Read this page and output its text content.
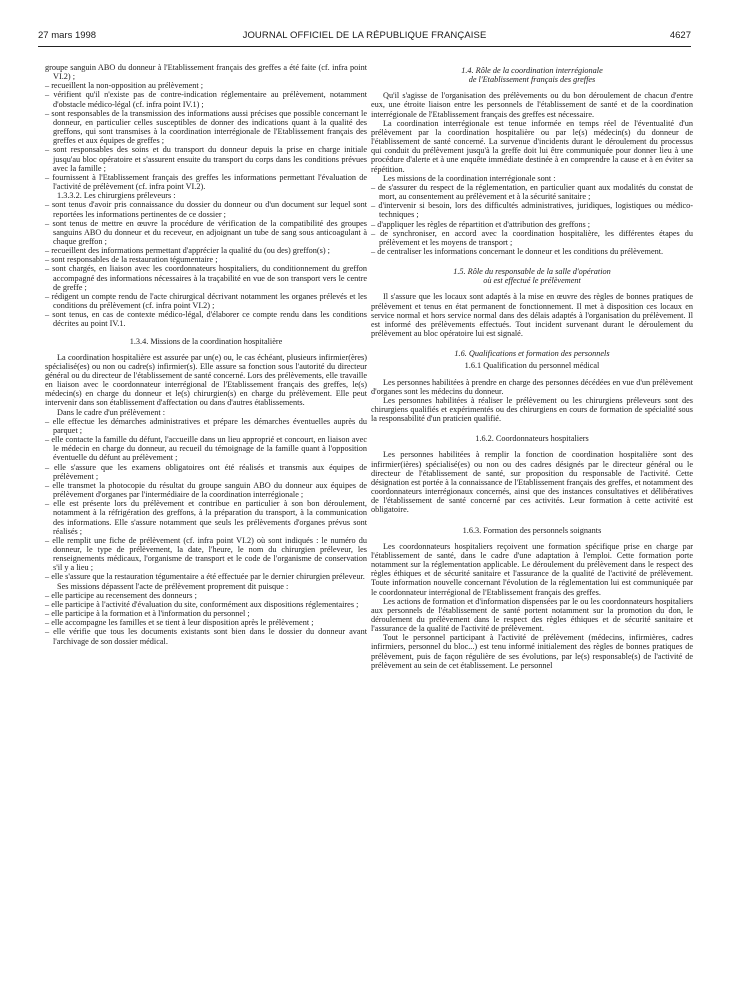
27 mars 1998	JOURNAL OFFICIEL DE LA RÉPUBLIQUE FRANÇAISE	4627

groupe sanguin ABO du donneur à l'Etablissement français des greffes a été faite (cf. infra point VI.2) ;

– recueillent la non-opposition au prélèvement ;

– vérifient qu'il n'existe pas de contre-indication réglementaire au prélèvement, notamment d'obstacle médico-légal (cf. infra point IV.1) ;

– sont responsables de la transmission des informations aussi précises que possible concernant le donneur, en particulier celles susceptibles de donner des indications quant à la qualité des greffons, qui sont transmises à la coordination interrégionale de l'Etablissement français des greffes et aux équipes de greffes ;

– sont responsables des soins et du transport du donneur depuis la prise en charge initiale jusqu'au bloc opératoire et s'assurent ensuite du transport du corps dans les conditions prévues avec la famille ;

– fournissent à l'Etablissement français des greffes les informations permettant l'évaluation de l'activité de prélèvement (cf. infra point VI.2).

1.3.3.2. Les chirurgiens préleveurs :

– sont tenus d'avoir pris connaissance du dossier du donneur ou d'un document sur lequel sont reportées les informations pertinentes de ce dossier ;

– sont tenus de mettre en œuvre la procédure de vérification de la compatibilité des groupes sanguins ABO du donneur et du receveur, en adjoignant un tube de sang sous anticoagulant à chaque greffon ;

– recueillent des informations permettant d'apprécier la qualité du (ou des) greffon(s) ;

– sont responsables de la restauration tégumentaire ;

– sont chargés, en liaison avec les coordonnateurs hospitaliers, du conditionnement du greffon accompagné des informations nécessaires à la traçabilité en vue de son transport vers le centre de greffe ;

– rédigent un compte rendu de l'acte chirurgical décrivant notamment les organes prélevés et les conditions du prélèvement (cf. infra point VI.2) ;

– sont tenus, en cas de contexte médico-légal, d'élaborer ce compte rendu dans les conditions décrites au point IV.1.

1.3.4. Missions de la coordination hospitalière

La coordination hospitalière est assurée par un(e) ou, le cas échéant, plusieurs infirmier(ères) spécialisé(es) ou non ou cadre(s) infirmier(s). Elle assure sa fonction sous l'autorité du directeur général ou du directeur de l'établissement de santé concerné. Lors des prélèvements, elle travaille en liaison avec le coordonnateur interrégional de l'Etablissement français des greffes, le(s) médecin(s) en charge du donneur et le(s) chirurgien(s) en charge du prélèvement. Elle peut intervenir dans son établissement d'affectation ou dans d'autres établissements.

Dans le cadre d'un prélèvement :

– elle effectue les démarches administratives et prépare les démarches éventuelles auprès du parquet ;

– elle contacte la famille du défunt, l'accueille dans un lieu approprié et concourt, en liaison avec le médecin en charge du donneur, au recueil du témoignage de la famille quant à l'opposition éventuelle du défunt au prélèvement ;

– elle s'assure que les examens obligatoires ont été réalisés et transmis aux équipes de prélèvement ;

– elle transmet la photocopie du résultat du groupe sanguin ABO du donneur aux équipes de prélèvement d'organes par l'intermédiaire de la coordination interrégionale ;

– elle est présente lors du prélèvement et contribue en particulier à son bon déroulement, notamment à la réfrigération des greffons, à la préparation du transport, à la communication des informations. Elle s'assure notamment que seuls les prélèvements d'organes prévus sont réalisés ;

– elle remplit une fiche de prélèvement (cf. infra point VI.2) où sont indiqués : le numéro du donneur, le type de prélèvement, la date, l'heure, le nom du chirurgien préleveur, les renseignements médicaux, l'organisme de transport et le code de l'organisme de conservation s'il y a lieu ;

– elle s'assure que la restauration tégumentaire a été effectuée par le dernier chirurgien préleveur.

Ses missions dépassent l'acte de prélèvement proprement dit puisque :

– elle participe au recensement des donneurs ;

– elle participe à l'activité d'évaluation du site, conformément aux dispositions réglementaires ;

– elle participe à la formation et à l'information du personnel ;

– elle accompagne les familles et se tient à leur disposition après le prélèvement ;

– elle vérifie que tous les documents existants sont bien dans le dossier du donneur avant l'archivage de son dossier médical.

1.4. Rôle de la coordination interrégionale
de l'Etablissement français des greffes

Qu'il s'agisse de l'organisation des prélèvements ou du bon déroulement de chacun d'entre eux, une étroite liaison entre les personnels de l'établissement de santé et de la coordination interrégionale de l'Etablissement français des greffes est nécessaire.

La coordination interrégionale est tenue informée en temps réel de l'éventualité d'un prélèvement par la coordination hospitalière ou par le(s) médecin(s) du donneur de l'établissement de santé concerné. La survenue d'incidents durant le déroulement du processus qui conduit du prélèvement jusqu'à la greffe doit lui être communiquée pour donner lieu à une procédure d'alerte et à une enquête immédiate destinée à en comprendre la cause et à en éviter sa répétition.

Les missions de la coordination interrégionale sont :

– de s'assurer du respect de la réglementation, en particulier quant aux modalités du constat de mort, au consentement au prélèvement et à la sécurité sanitaire ;

– d'intervenir si besoin, lors des difficultés administratives, juridiques, logistiques ou médico-techniques ;

– d'appliquer les règles de répartition et d'attribution des greffons ;

– de synchroniser, en accord avec la coordination hospitalière, les différentes étapes du prélèvement et les moyens de transport ;

– de centraliser les informations concernant le donneur et les conditions du prélèvement.

1.5. Rôle du responsable de la salle d'opération
où est effectué le prélèvement

Il s'assure que les locaux sont adaptés à la mise en œuvre des règles de bonnes pratiques de prélèvement et tenus en état permanent de fonctionnement. Il met à disposition ces locaux en service normal et hors service normal dans des délais adaptés à l'organisation du prélèvement. Il est informé des prélèvements effectués. Tout incident survenant durant le déroulement du prélèvement au bloc opératoire lui est signalé.

1.6. Qualifications et formation des personnels

1.6.1 Qualification du personnel médical

Les personnes habilitées à prendre en charge des personnes décédées en vue d'un prélèvement d'organes sont les médecins du donneur.

Les personnes habilitées à réaliser le prélèvement ou les chirurgiens préleveurs sont des chirurgiens qualifiés et expérimentés ou des chirurgiens en cours de formation de spécialité sous la responsabilité d'un praticien qualifié.

1.6.2. Coordonnateurs hospitaliers

Les personnes habilitées à remplir la fonction de coordination hospitalière sont des infirmier(ières) spécialisé(es) ou non ou des cadres désignés par le directeur général ou le directeur de l'établissement de santé, sur proposition du responsable de l'activité. Cette désignation est portée à la connaissance de l'Etablissement français des greffes, et notamment des coordonnateurs interrégionaux concernés, ainsi que des instances consultatives et délibératives de l'établissement de santé concerné par ces activités. Leur formation à cette activité est obligatoire.

1.6.3. Formation des personnels soignants

Les coordonnateurs hospitaliers reçoivent une formation spécifique prise en charge par l'établissement de santé, dans le cadre d'une adaptation à l'emploi. Cette formation porte notamment sur la réglementation applicable. Le déroulement du prélèvement dans le respect des règles éthiques et de sécurité sanitaire et l'assurance de la qualité de l'activité de prélèvement. Toute information nouvelle concernant l'évolution de la réglementation lui est communiquée par le coordonnateur interrégional de l'Etablissement français des greffes.

Les actions de formation et d'information dispensées par le ou les coordonnateurs hospitaliers aux personnels de l'établissement de santé portent notamment sur la promotion du don, le déroulement du prélèvement dans le respect des règles éthiques et de sécurité sanitaire et l'assurance de la qualité de l'activité de prélèvement.

Tout le personnel participant à l'activité de prélèvement (médecins, infirmières, cadres infirmiers, personnel du bloc...) est tenu informé initialement des règles de bonnes pratiques de prélèvement, puis de façon régulière de ses évolutions, par le(s) responsable(s) de l'activité de prélèvement au sein de cet établissement. Le personnel
